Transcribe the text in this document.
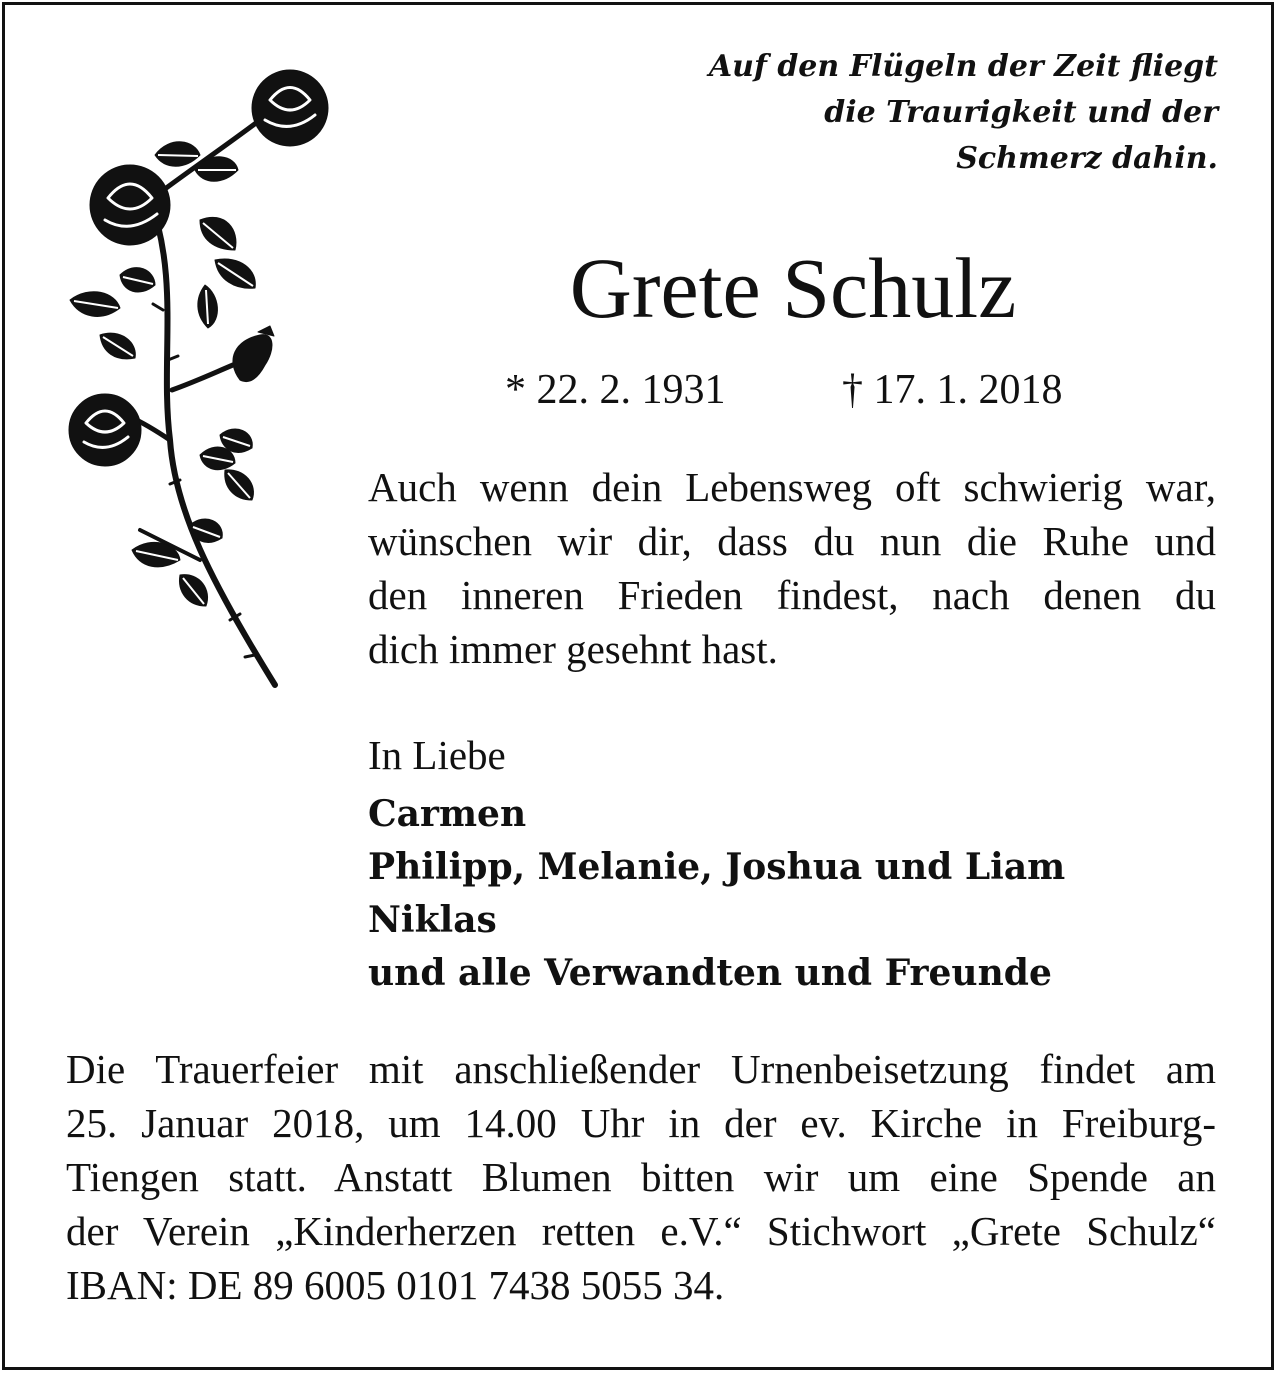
Auf den Flügeln der Zeit fliegt
die Traurigkeit und der
Schmerz dahin.
Grete Schulz
* 22. 2. 1931	† 17. 1. 2018
Auch wenn dein Lebensweg oft schwierig war,
wünschen wir dir, dass du nun die Ruhe und
den inneren Frieden findest, nach denen du
dich immer gesehnt hast.
In Liebe
Carmen
Philipp, Melanie, Joshua und Liam
Niklas
und alle Verwandten und Freunde
Die Trauerfeier mit anschließender Urnenbeisetzung findet am
25. Januar 2018, um 14.00 Uhr in der ev. Kirche in Freiburg-
Tiengen statt. Anstatt Blumen bitten wir um eine Spende an
der Verein „Kinderherzen retten e.V.“ Stichwort „Grete Schulz“
IBAN: DE 89 6005 0101 7438 5055 34.
